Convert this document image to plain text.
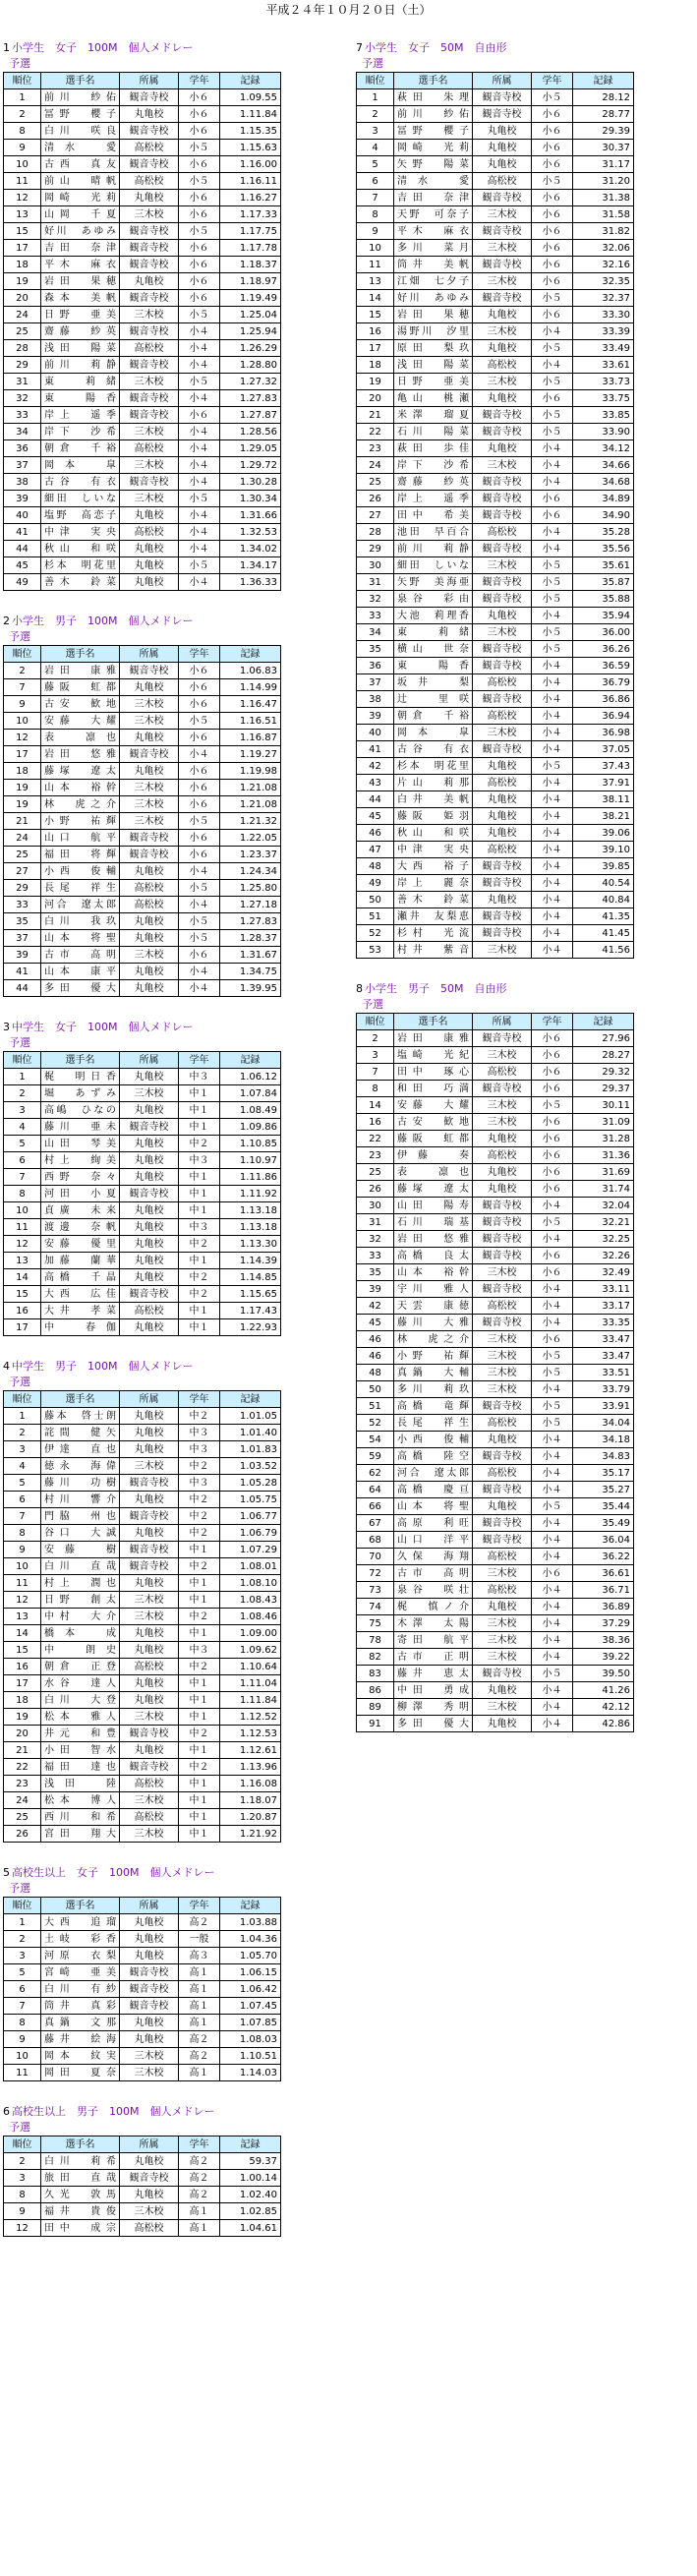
平成２４年１０月２０日（土）
1 小学生　女子　100M　個人メドレー
予選
順位	選手名	所属	学年	記録
1	前川　紗佑	観音寺校	小６	1.09.55
2	冨野　櫻子	丸亀校	小６	1.11.84
8	白川　咲良	観音寺校	小６	1.15.35
9	清水　愛	高松校	小５	1.15.63
10	古西　真友	観音寺校	小６	1.16.00
11	前山　晴帆	高松校	小５	1.16.11
12	岡崎　光莉	丸亀校	小６	1.16.27
13	山岡　千夏	三木校	小６	1.17.33
15	好川　あゆみ	観音寺校	小５	1.17.75
17	吉田　奈津	観音寺校	小６	1.17.78
18	平木　麻衣	観音寺校	小６	1.18.37
19	岩田　果穂	丸亀校	小６	1.18.97
20	森本　美帆	観音寺校	小６	1.19.49
24	日野　亜美	三木校	小５	1.25.04
25	齋藤　紗英	観音寺校	小４	1.25.94
28	浅田　陽菜	高松校	小４	1.26.29
29	前川　莉静	観音寺校	小４	1.28.80
31	東　莉緒	三木校	小５	1.27.32
32	東　陽香	観音寺校	小４	1.27.83
33	岸上　遥季	観音寺校	小６	1.27.87
34	岸下　沙希	三木校	小４	1.28.56
36	朝倉　千裕	高松校	小４	1.29.05
37	岡本　皐	三木校	小４	1.29.72
38	古谷　有衣	観音寺校	小４	1.30.28
39	細田　しいな	三木校	小５	1.30.34
40	塩野　高恋子	丸亀校	小４	1.31.66
41	中津　実央	高松校	小４	1.32.53
44	秋山　和咲	丸亀校	小４	1.34.02
45	杉本　明花里	丸亀校	小５	1.34.17
49	善木　鈴菜	丸亀校	小４	1.36.33
2 小学生　男子　100M　個人メドレー
予選
順位	選手名	所属	学年	記録
2	岩田　康雅	観音寺校	小６	1.06.83
7	藤阪　虹都	丸亀校	小６	1.14.99
9	古安　歓地	三木校	小６	1.16.47
10	安藤　大耀	三木校	小５	1.16.51
12	表　凛也	丸亀校	小６	1.16.87
17	岩田　悠雅	観音寺校	小４	1.19.27
18	藤塚　遼太	丸亀校	小６	1.19.98
19	山本　裕幹	三木校	小６	1.21.08
19	林　虎之介	三木校	小６	1.21.08
21	小野　祐輝	三木校	小５	1.21.32
24	山口　航平	観音寺校	小６	1.22.05
25	福田　将輝	観音寺校	小６	1.23.37
27	小西　俊輔	丸亀校	小４	1.24.34
29	長尾　祥生	高松校	小５	1.25.80
33	河合　遼太郎	高松校	小４	1.27.18
35	白川　我玖	丸亀校	小５	1.27.83
37	山本　将聖	丸亀校	小５	1.28.37
39	古市　高明	三木校	小６	1.31.67
41	山本　康平	丸亀校	小４	1.34.75
44	多田　優大	丸亀校	小４	1.39.95
3 中学生　女子　100M　個人メドレー
予選
順位	選手名	所属	学年	記録
1	梶　明日香	丸亀校	中３	1.06.12
2	堀　あずみ	三木校	中１	1.07.84
3	高嶋　ひなの	丸亀校	中１	1.08.49
4	藤川　亜未	観音寺校	中１	1.09.86
5	山田　琴美	丸亀校	中２	1.10.85
6	村上　絢美	丸亀校	中３	1.10.97
7	西野　奈々	丸亀校	中１	1.11.86
8	河田　小夏	観音寺校	中１	1.11.92
10	貞廣　未来	丸亀校	中１	1.13.18
11	渡邊　奈帆	丸亀校	中３	1.13.18
12	安藤　優里	丸亀校	中２	1.13.30
13	加藤　蘭華	丸亀校	中１	1.14.39
14	高橋　千晶	丸亀校	中２	1.14.85
15	大西　広佳	観音寺校	中２	1.15.65
16	大井　孝菜	高松校	中１	1.17.43
17	中　春伽	丸亀校	中１	1.22.93
4 中学生　男子　100M　個人メドレー
予選
順位	選手名	所属	学年	記録
1	藤本　啓士朗	丸亀校	中２	1.01.05
2	詫間　健矢	丸亀校	中３	1.01.40
3	伊達　直也	丸亀校	中３	1.01.83
4	徳永　海偉	三木校	中２	1.03.52
5	藤川　功樹	観音寺校	中３	1.05.28
6	村川　響介	丸亀校	中２	1.05.75
7	門脇　州也	観音寺校	中２	1.06.77
8	谷口　大誠	丸亀校	中２	1.06.79
9	安藤　樹	観音寺校	中１	1.07.29
10	白川　直哉	観音寺校	中２	1.08.01
11	村上　潤也	丸亀校	中１	1.08.10
12	日野　創太	三木校	中１	1.08.43
13	中村　大介	三木校	中２	1.08.46
14	橋本　成	丸亀校	中１	1.09.00
15	中　朗史	丸亀校	中３	1.09.62
16	朝倉　正登	高松校	中２	1.10.64
17	水谷　達人	丸亀校	中１	1.11.04
18	白川　大登	丸亀校	中１	1.11.84
19	松本　雅人	三木校	中１	1.12.52
20	井元　和豊	観音寺校	中２	1.12.53
21	小田　智水	丸亀校	中１	1.12.61
22	福田　達也	観音寺校	中２	1.13.96
23	浅田　陸	高松校	中１	1.16.08
24	松本　博人	三木校	中１	1.18.07
25	西川　和希	高松校	中１	1.20.87
26	宮田　翔大	三木校	中１	1.21.92
5 高校生以上　女子　100M　個人メドレー
予選
順位	選手名	所属	学年	記録
1	大西　追瑠	丸亀校	高２	1.03.88
2	土岐　彩香	丸亀校	一般	1.04.36
3	河原　衣梨	丸亀校	高３	1.05.70
5	宮崎　亜美	観音寺校	高１	1.06.15
6	白川　有紗	観音寺校	高１	1.06.42
7	筒井　真彩	観音寺校	高１	1.07.45
8	真鍋　文那	丸亀校	高１	1.07.85
9	藤井　絵海	丸亀校	高２	1.08.03
10	岡本　紋実	三木校	高２	1.10.51
11	岡田　夏奈	三木校	高１	1.14.03
6 高校生以上　男子　100M　個人メドレー
予選
順位	選手名	所属	学年	記録
2	白川　莉希	丸亀校	高２	59.37
3	旅田　直哉	観音寺校	高２	1.00.14
8	久光　敦馬	丸亀校	高２	1.02.40
9	福井　貴俊	三木校	高１	1.02.85
12	田中　成宗	高松校	高１	1.04.61
7 小学生　女子　50M　自由形
予選
順位	選手名	所属	学年	記録
1	萩田　朱理	観音寺校	小５	28.12
2	前川　紗佑	観音寺校	小６	28.77
3	冨野　櫻子	丸亀校	小６	29.39
4	岡崎　光莉	丸亀校	小６	30.37
5	矢野　陽菜	丸亀校	小６	31.17
6	清水　愛	高松校	小５	31.20
7	吉田　奈津	観音寺校	小６	31.38
8	天野　可奈子	三木校	小６	31.58
9	平木　麻衣	観音寺校	小６	31.82
10	多川　菜月	三木校	小６	32.06
11	筒井　美帆	観音寺校	小６	32.16
13	江畑　七夕子	三木校	小６	32.35
14	好川　あゆみ	観音寺校	小５	32.37
15	岩田　果穂	丸亀校	小６	33.30
16	湯野川　汐里	三木校	小４	33.39
17	原田　梨玖	丸亀校	小５	33.49
18	浅田　陽菜	高松校	小４	33.61
19	日野　亜美	三木校	小５	33.73
20	亀山　桃瀬	丸亀校	小６	33.75
21	米澤　瑠夏	観音寺校	小５	33.85
22	石川　陽菜	観音寺校	小５	33.90
23	萩田　歩佳	丸亀校	小４	34.12
24	岸下　沙希	三木校	小４	34.66
25	齋藤　紗英	観音寺校	小４	34.68
26	岸上　遥季	観音寺校	小６	34.89
27	田中　希美	観音寺校	小６	34.90
28	池田　早百合	高松校	小４	35.28
29	前川　莉静	観音寺校	小４	35.56
30	細田　しいな	三木校	小５	35.61
31	矢野　美海亜	観音寺校	小５	35.87
32	泉谷　彩由	観音寺校	小５	35.88
33	大池　莉理香	丸亀校	小４	35.94
34	東　莉緒	三木校	小５	36.00
35	横山　世奈	観音寺校	小５	36.26
36	東　陽香	観音寺校	小４	36.59
37	坂井　梨	高松校	小４	36.79
38	辻　里咲	観音寺校	小４	36.86
39	朝倉　千裕	高松校	小４	36.94
40	岡本　皐	三木校	小４	36.98
41	古谷　有衣	観音寺校	小４	37.05
42	杉本　明花里	丸亀校	小５	37.43
43	片山　莉那	高松校	小４	37.91
44	白井　美帆	丸亀校	小４	38.11
45	藤阪　姫羽	丸亀校	小４	38.21
46	秋山　和咲	丸亀校	小４	39.06
47	中津　実央	高松校	小４	39.10
48	大西　裕子	観音寺校	小４	39.85
49	岸上　麗奈	観音寺校	小４	40.54
50	善木　鈴菜	丸亀校	小４	40.84
51	瀬井　友梨恵	観音寺校	小４	41.35
52	杉村　光流	観音寺校	小４	41.45
53	村井　紫音	三木校	小４	41.56
8 小学生　男子　50M　自由形
予選
順位	選手名	所属	学年	記録
2	岩田　康雅	観音寺校	小６	27.96
3	塩崎　光紀	三木校	小６	28.27
7	田中　琢心	高松校	小６	29.32
8	和田　巧満	観音寺校	小６	29.37
14	安藤　大耀	三木校	小５	30.11
16	古安　歓地	三木校	小６	31.09
22	藤阪　虹都	丸亀校	小６	31.28
23	伊藤　奏	高松校	小６	31.36
25	表　凛也	丸亀校	小６	31.69
26	藤塚　遼太	丸亀校	小６	31.74
30	山田　陽寿	観音寺校	小４	32.04
31	石川　瑞基	観音寺校	小５	32.21
32	岩田　悠雅	観音寺校	小４	32.25
33	高橋　良太	観音寺校	小６	32.26
35	山本　裕幹	三木校	小６	32.49
39	宇川　雅人	観音寺校	小４	33.11
42	天雲　康徳	高松校	小４	33.17
45	藤川　大雅	観音寺校	小４	33.35
46	林　虎之介	三木校	小６	33.47
46	小野　祐輝	三木校	小５	33.47
48	真鍋　大輔	三木校	小５	33.51
50	多川　莉玖	三木校	小４	33.79
51	高橋　竜輝	観音寺校	小５	33.91
52	長尾　祥生	高松校	小５	34.04
54	小西　俊輔	丸亀校	小４	34.18
59	高橋　陸空	観音寺校	小４	34.83
62	河合　遼太郎	高松校	小４	35.17
64	高橋　慶亘	観音寺校	小４	35.27
66	山本　将聖	丸亀校	小５	35.44
67	高原　利旺	観音寺校	小４	35.49
68	山口　洋平	観音寺校	小４	36.04
70	久保　海翔	高松校	小４	36.22
72	古市　高明	三木校	小６	36.61
73	泉谷　咲壮	高松校	小４	36.71
74	梶　慎ノ介	丸亀校	小４	36.89
75	木澤　太陽	三木校	小４	37.29
78	寄田　航平	三木校	小４	38.36
82	古市　正明	三木校	小４	39.22
83	藤井　恵太	観音寺校	小５	39.50
86	中田　勇成	丸亀校	小４	41.26
89	柳澤　秀明	三木校	小４	42.12
91	多田　優大	丸亀校	小４	42.86
